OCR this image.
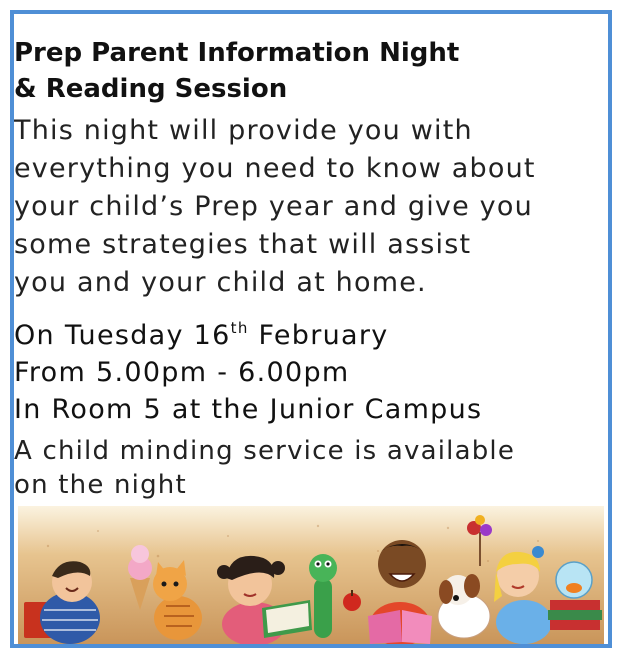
Prep Parent Information Night
& Reading Session
This night will provide you with
everything you need to know about
your child’s Prep year and give you
some strategies that will assist
you and your child at home.
On Tuesday 16th February
From 5.00pm - 6.00pm
In Room 5 at the Junior Campus
A child minding service is available
on the night
